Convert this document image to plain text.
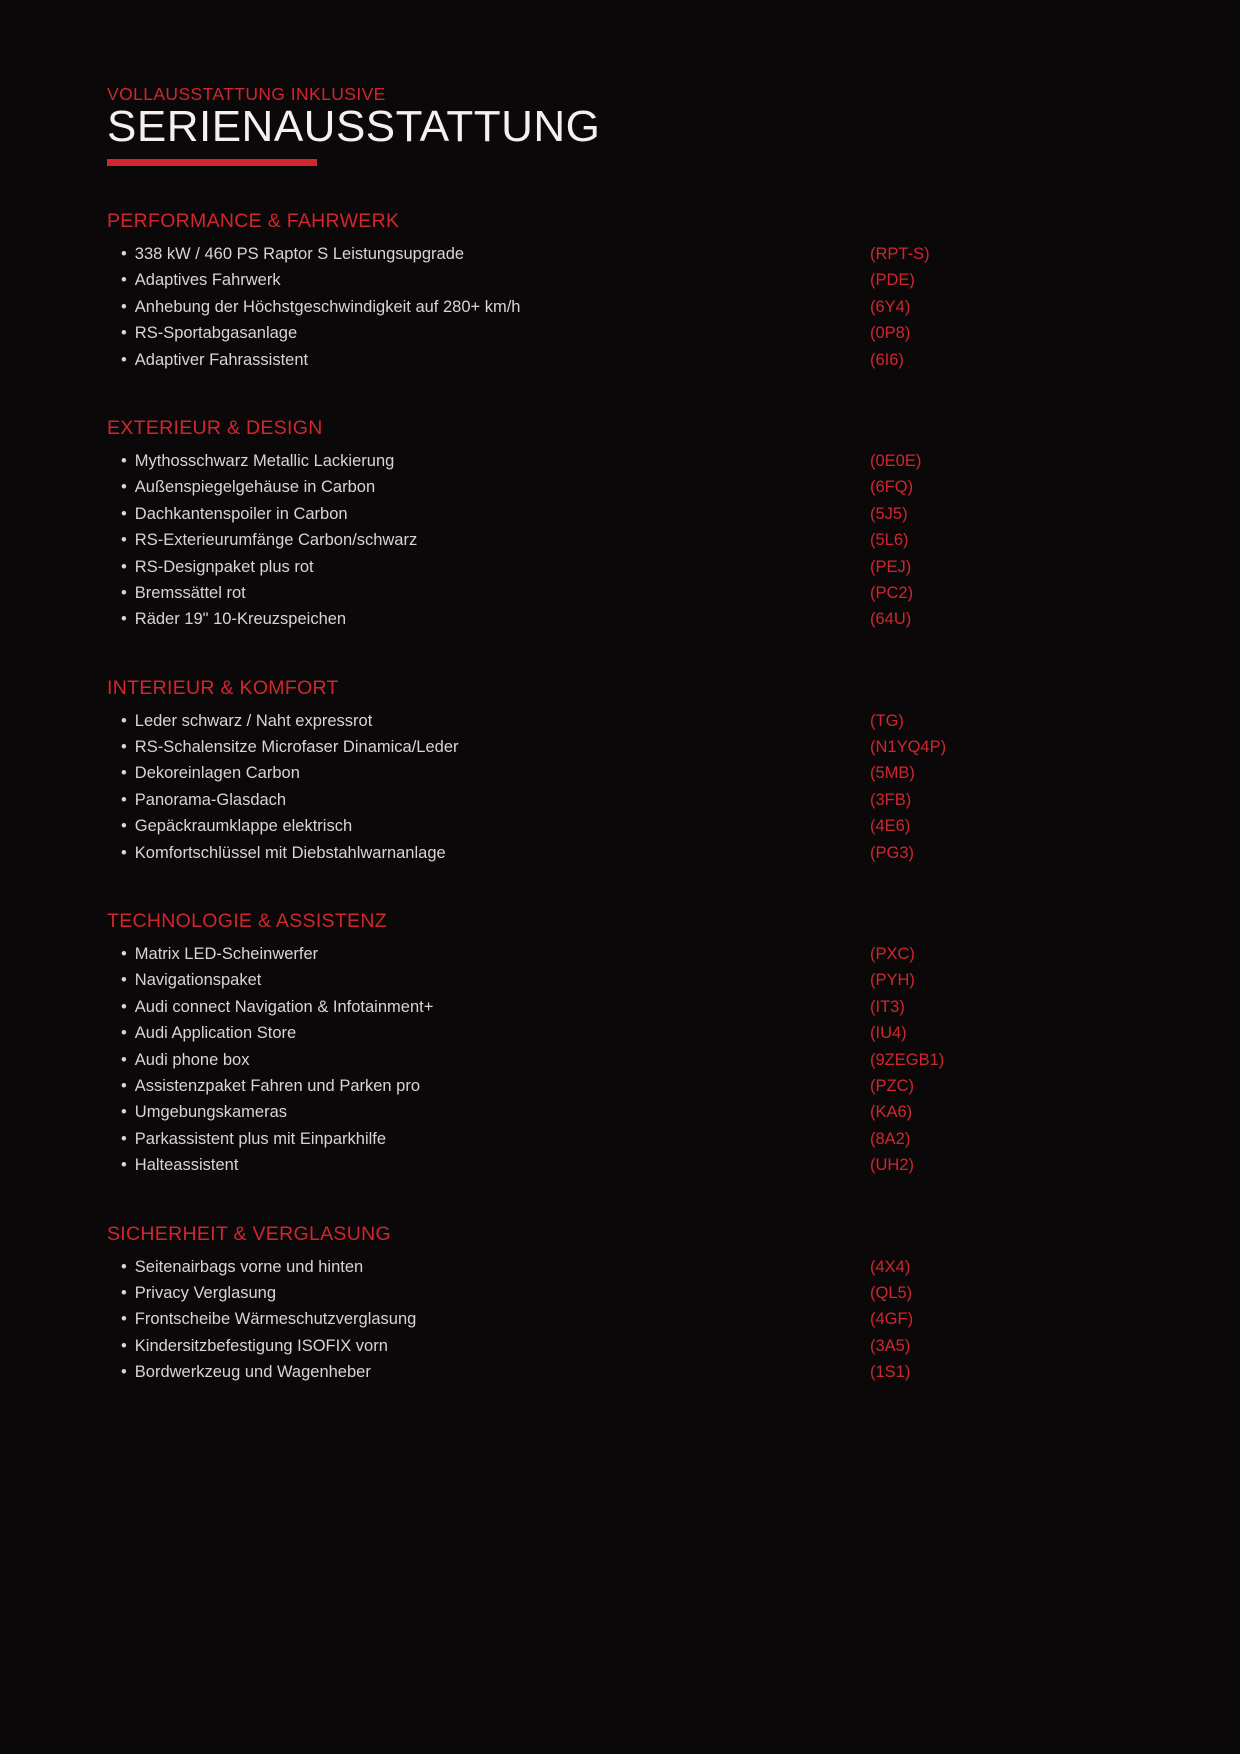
VOLLAUSSTATTUNG INKLUSIVE
SERIENAUSSTATTUNG
PERFORMANCE & FAHRWERK
• 338 kW / 460 PS Raptor S Leistungsupgrade	(RPT-S)
• Adaptives Fahrwerk	(PDE)
• Anhebung der Höchstgeschwindigkeit auf 280+ km/h	(6Y4)
• RS-Sportabgasanlage	(0P8)
• Adaptiver Fahrassistent	(6I6)
EXTERIEUR & DESIGN
• Mythosschwarz Metallic Lackierung	(0E0E)
• Außenspiegelgehäuse in Carbon	(6FQ)
• Dachkantenspoiler in Carbon	(5J5)
• RS-Exterieurumfänge Carbon/schwarz	(5L6)
• RS-Designpaket plus rot	(PEJ)
• Bremssättel rot	(PC2)
• Räder 19" 10-Kreuzspeichen	(64U)
INTERIEUR & KOMFORT
• Leder schwarz / Naht expressrot	(TG)
• RS-Schalensitze Microfaser Dinamica/Leder	(N1YQ4P)
• Dekoreinlagen Carbon	(5MB)
• Panorama-Glasdach	(3FB)
• Gepäckraumklappe elektrisch	(4E6)
• Komfortschlüssel mit Diebstahlwarnanlage	(PG3)
TECHNOLOGIE & ASSISTENZ
• Matrix LED-Scheinwerfer	(PXC)
• Navigationspaket	(PYH)
• Audi connect Navigation & Infotainment+	(IT3)
• Audi Application Store	(IU4)
• Audi phone box	(9ZEGB1)
• Assistenzpaket Fahren und Parken pro	(PZC)
• Umgebungskameras	(KA6)
• Parkassistent plus mit Einparkhilfe	(8A2)
• Halteassistent	(UH2)
SICHERHEIT & VERGLASUNG
• Seitenairbags vorne und hinten	(4X4)
• Privacy Verglasung	(QL5)
• Frontscheibe Wärmeschutzverglasung	(4GF)
• Kindersitzbefestigung ISOFIX vorn	(3A5)
• Bordwerkzeug und Wagenheber	(1S1)
